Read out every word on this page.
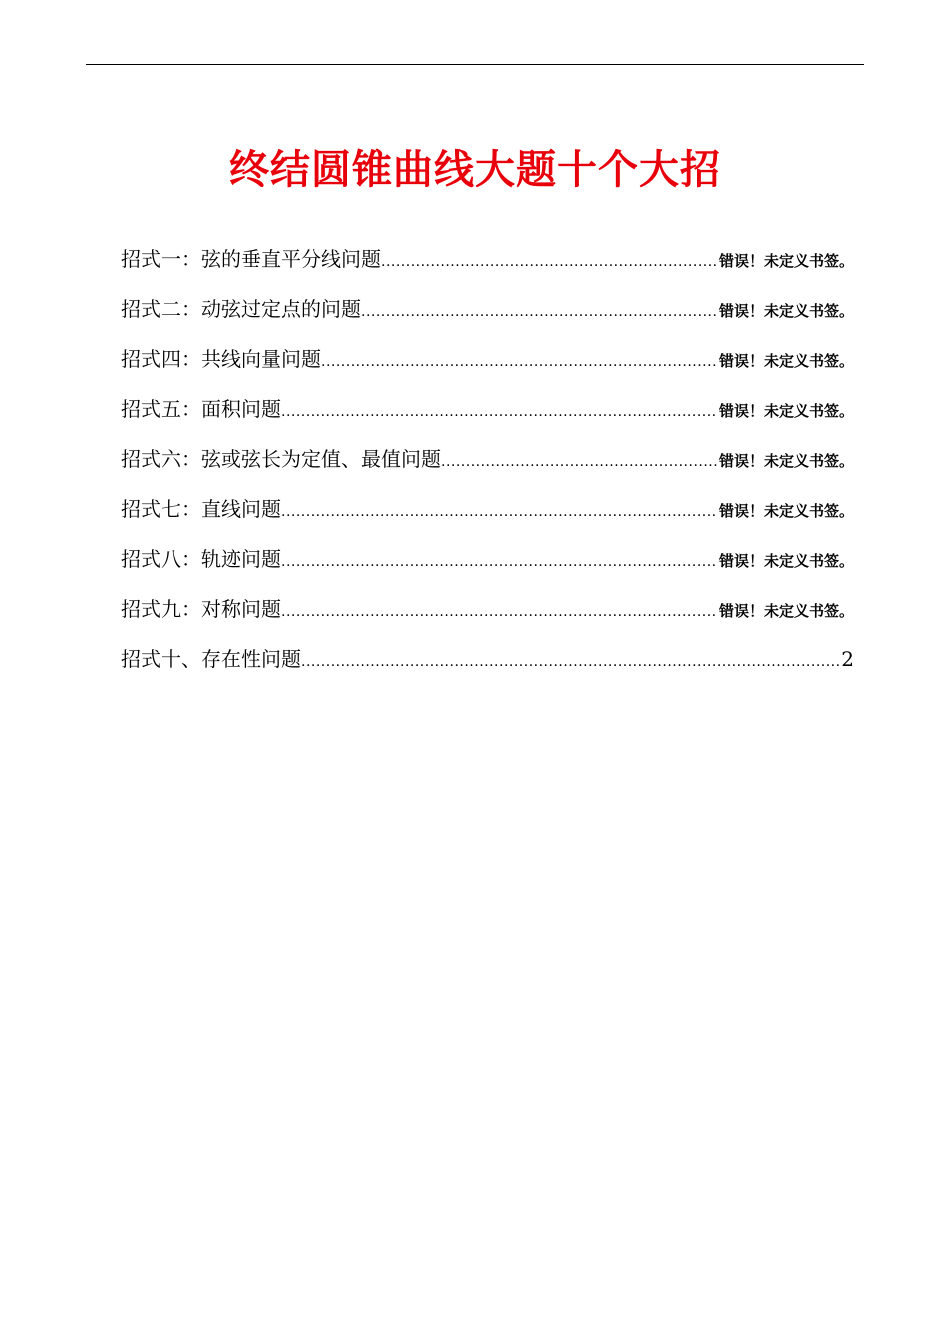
终结圆锥曲线大题十个大招
招式一：弦的垂直平分线问题 .....	错误！未定义书签。
招式二：动弦过定点的问题 .....	错误！未定义书签。
招式四：共线向量问题 .....	错误！未定义书签。
招式五：面积问题 .....	错误！未定义书签。
招式六：弦或弦长为定值、最值问题 .....	错误！未定义书签。
招式七：直线问题 .....	错误！未定义书签。
招式八：轨迹问题 .....	错误！未定义书签。
招式九：对称问题 .....	错误！未定义书签。
招式十、存在性问题 .....	2
